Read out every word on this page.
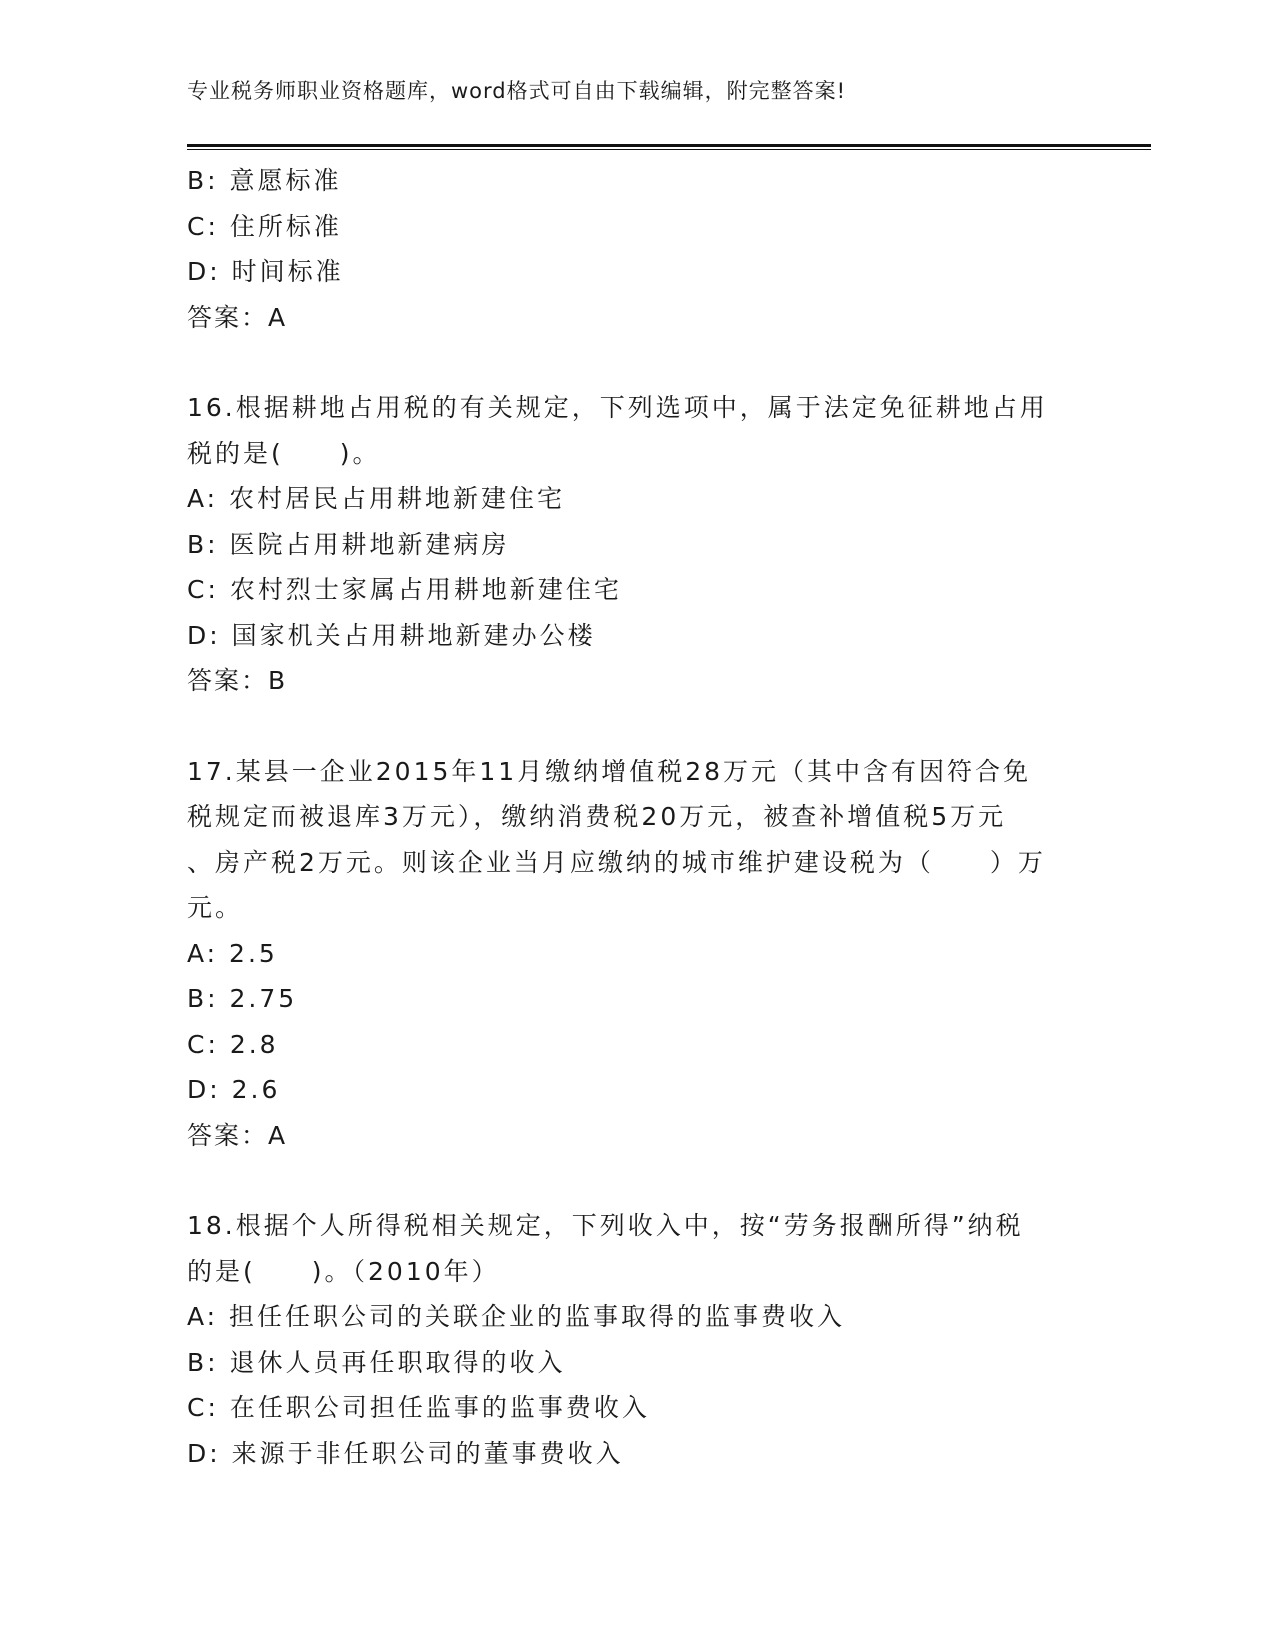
专业税务师职业资格题库，word格式可自由下载编辑，附完整答案!
B: 意愿标准
C: 住所标准
D: 时间标准
答案：A
16.根据耕地占用税的有关规定，下列选项中，属于法定免征耕地占用
税的是(　　)。
A: 农村居民占用耕地新建住宅
B: 医院占用耕地新建病房
C: 农村烈士家属占用耕地新建住宅
D: 国家机关占用耕地新建办公楼
答案：B
17.某县一企业2015年11月缴纳增值税28万元（其中含有因符合免
税规定而被退库3万元），缴纳消费税20万元，被查补增值税5万元
、房产税2万元。则该企业当月应缴纳的城市维护建设税为（　　）万
元。
A: 2.5
B: 2.75
C: 2.8
D: 2.6
答案：A
18.根据个人所得税相关规定，下列收入中，按“劳务报酬所得”纳税
的是(　　)。（2010年）
A: 担任任职公司的关联企业的监事取得的监事费收入
B: 退休人员再任职取得的收入
C: 在任职公司担任监事的监事费收入
D: 来源于非任职公司的董事费收入
